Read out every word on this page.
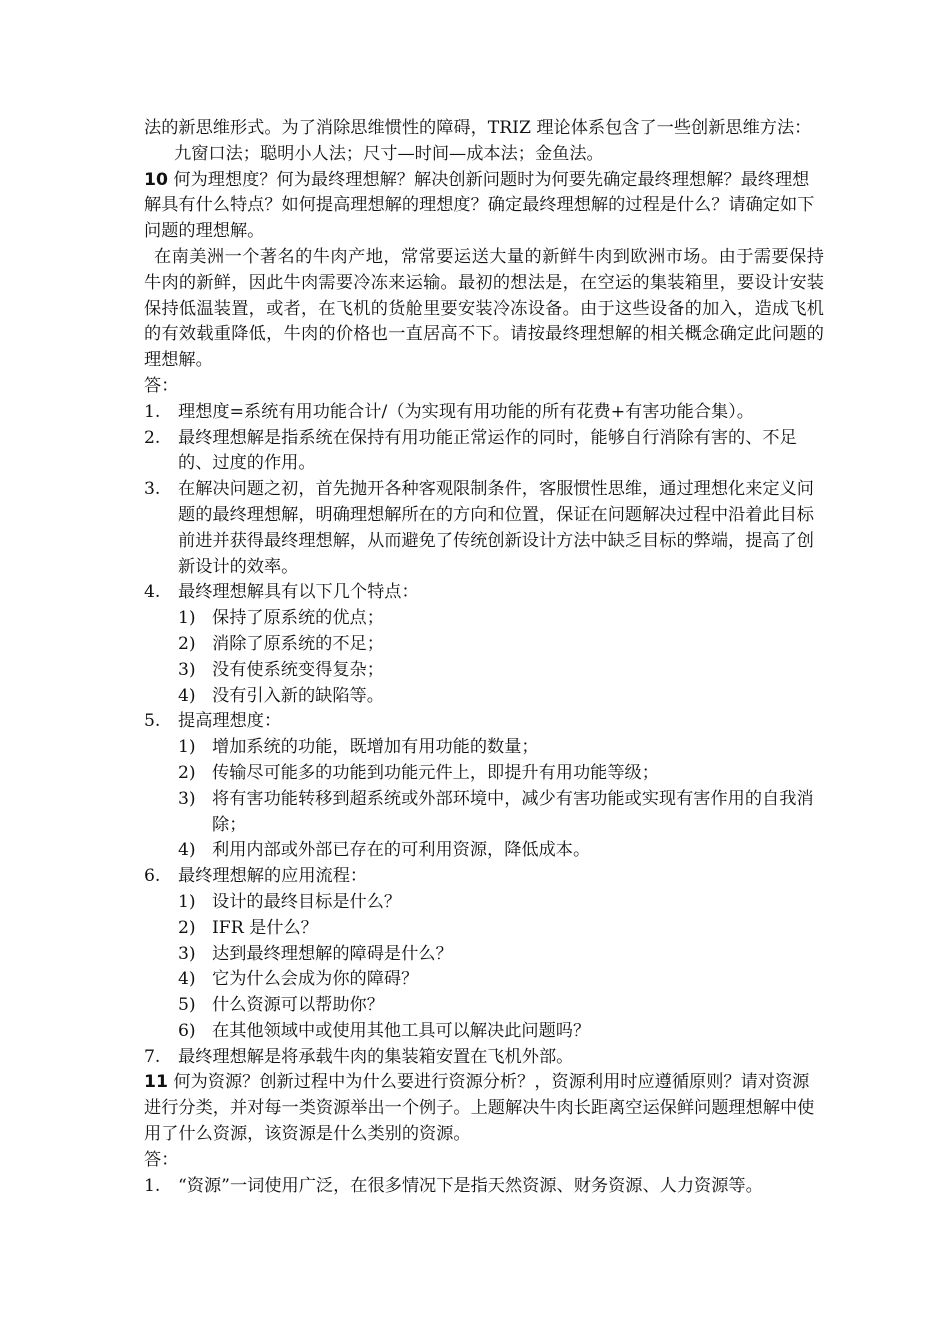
法的新思维形式。为了消除思维惯性的障碍，TRIZ 理论体系包含了一些创新思维方法：

九窗口法；聪明小人法；尺寸—时间—成本法；金鱼法。

10 何为理想度？何为最终理想解？解决创新问题时为何要先确定最终理想解？最终理想解具有什么特点？如何提高理想解的理想度？确定最终理想解的过程是什么？请确定如下问题的理想解。

在南美洲一个著名的牛肉产地，常常要运送大量的新鲜牛肉到欧洲市场。由于需要保持牛肉的新鲜，因此牛肉需要冷冻来运输。最初的想法是，在空运的集装箱里，要设计安装保持低温装置，或者，在飞机的货舱里要安装冷冻设备。由于这些设备的加入，造成飞机的有效载重降低，牛肉的价格也一直居高不下。请按最终理想解的相关概念确定此问题的理想解。

答：

1.	理想度=系统有用功能合计/（为实现有用功能的所有花费+有害功能合集）。
2.	最终理想解是指系统在保持有用功能正常运作的同时，能够自行消除有害的、不足的、过度的作用。
3.	在解决问题之初，首先抛开各种客观限制条件，客服惯性思维，通过理想化来定义问题的最终理想解，明确理想解所在的方向和位置，保证在问题解决过程中沿着此目标前进并获得最终理想解，从而避免了传统创新设计方法中缺乏目标的弊端，提高了创新设计的效率。
4.	最终理想解具有以下几个特点：
1) 保持了原系统的优点；
2) 消除了原系统的不足；
3) 没有使系统变得复杂；
4) 没有引入新的缺陷等。
5.	提高理想度：
1) 增加系统的功能，既增加有用功能的数量；
2) 传输尽可能多的功能到功能元件上，即提升有用功能等级；
3) 将有害功能转移到超系统或外部环境中，减少有害功能或实现有害作用的自我消除；
4) 利用内部或外部已存在的可利用资源，降低成本。
6.	最终理想解的应用流程：
1) 设计的最终目标是什么？
2) IFR 是什么？
3) 达到最终理想解的障碍是什么？
4) 它为什么会成为你的障碍？
5) 什么资源可以帮助你？
6) 在其他领域中或使用其他工具可以解决此问题吗？
7.	最终理想解是将承载牛肉的集装箱安置在飞机外部。

11 何为资源？创新过程中为什么要进行资源分析？，资源利用时应遵循原则？请对资源进行分类，并对每一类资源举出一个例子。上题解决牛肉长距离空运保鲜问题理想解中使用了什么资源，该资源是什么类别的资源。

答：

1.	“资源”一词使用广泛，在很多情况下是指天然资源、财务资源、人力资源等。
